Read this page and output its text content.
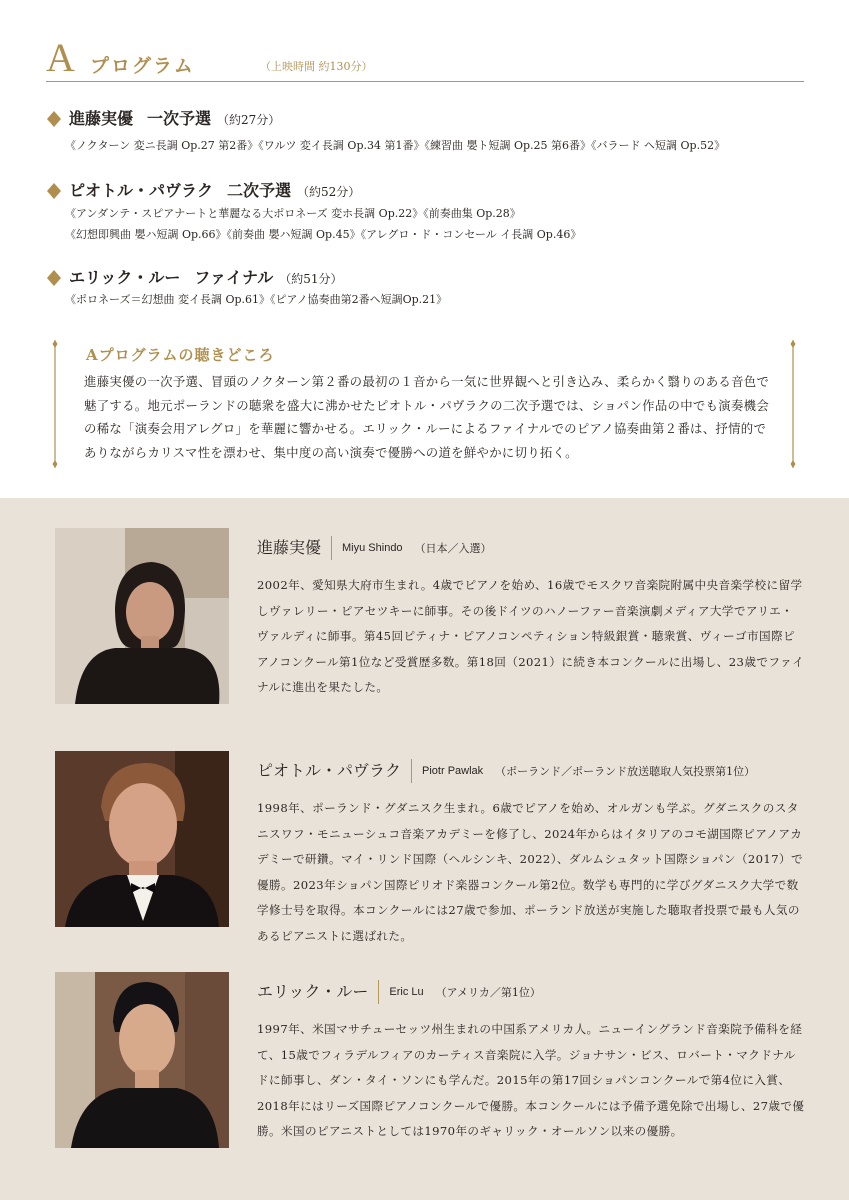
A プログラム	（上映時間 約130分）
進藤実優 一次予選 （約27分）
《ノクターン 変ニ長調 Op.27 第2番》《ワルツ 変イ長調 Op.34 第1番》《練習曲 嬰ト短調 Op.25 第6番》《バラード ヘ短調 Op.52》
ピオトル・パヴラク 二次予選 （約52分）
《アンダンテ・スピアナートと華麗なる大ポロネーズ 変ホ長調 Op.22》《前奏曲集 Op.28》
《幻想即興曲 嬰ハ短調 Op.66》《前奏曲 嬰ハ短調 Op.45》《アレグロ・ド・コンセール イ長調 Op.46》
エリック・ルー ファイナル （約51分）
《ポロネーズ＝幻想曲 変イ長調 Op.61》《ピアノ協奏曲第2番ヘ短調Op.21》
Aプログラムの聴きどころ
進藤実優の一次予選、冒頭のノクターン第２番の最初の１音から一気に世界観へと引き込み、柔らかく翳りのある音色で魅了する。地元ポーランドの聴衆を盛大に沸かせたピオトル・パヴラクの二次予選では、ショパン作品の中でも演奏機会の稀な「演奏会用アレグロ」を華麗に響かせる。エリック・ルーによるファイナルでのピアノ協奏曲第２番は、抒情的でありながらカリスマ性を漂わせ、集中度の高い演奏で優勝への道を鮮やかに切り拓く。
進藤実優 Miyu Shindo （日本／入選）
2002年、愛知県大府市生まれ。4歳でピアノを始め、16歳でモスクワ音楽院附属中央音楽学校に留学しヴァレリー・ピアセツキーに師事。その後ドイツのハノーファー音楽演劇メディア大学でアリエ・ヴァルディに師事。第45回ピティナ・ピアノコンペティション特級銀賞・聴衆賞、ヴィーゴ市国際ピアノコンクール第1位など受賞歴多数。第18回（2021）に続き本コンクールに出場し、23歳でファイナルに進出を果たした。
ピオトル・パヴラク Piotr Pawlak （ポーランド／ポーランド放送聴取人気投票第1位）
1998年、ポーランド・グダニスク生まれ。6歳でピアノを始め、オルガンも学ぶ。グダニスクのスタニスワフ・モニューシュコ音楽アカデミーを修了し、2024年からはイタリアのコモ湖国際ピアノアカデミーで研鑽。マイ・リンド国際（ヘルシンキ、2022）、ダルムシュタット国際ショパン（2017）で優勝。2023年ショパン国際ピリオド楽器コンクール第2位。数学も専門的に学びグダニスク大学で数学修士号を取得。本コンクールには27歳で参加、ポーランド放送が実施した聴取者投票で最も人気のあるピアニストに選ばれた。
エリック・ルー Eric Lu （アメリカ／第1位）
1997年、米国マサチューセッツ州生まれの中国系アメリカ人。ニューイングランド音楽院予備科を経て、15歳でフィラデルフィアのカーティス音楽院に入学。ジョナサン・ビス、ロバート・マクドナルドに師事し、ダン・タイ・ソンにも学んだ。2015年の第17回ショパンコンクールで第4位に入賞、2018年にはリーズ国際ピアノコンクールで優勝。本コンクールには予備予選免除で出場し、27歳で優勝。米国のピアニストとしては1970年のギャリック・オールソン以来の優勝。
